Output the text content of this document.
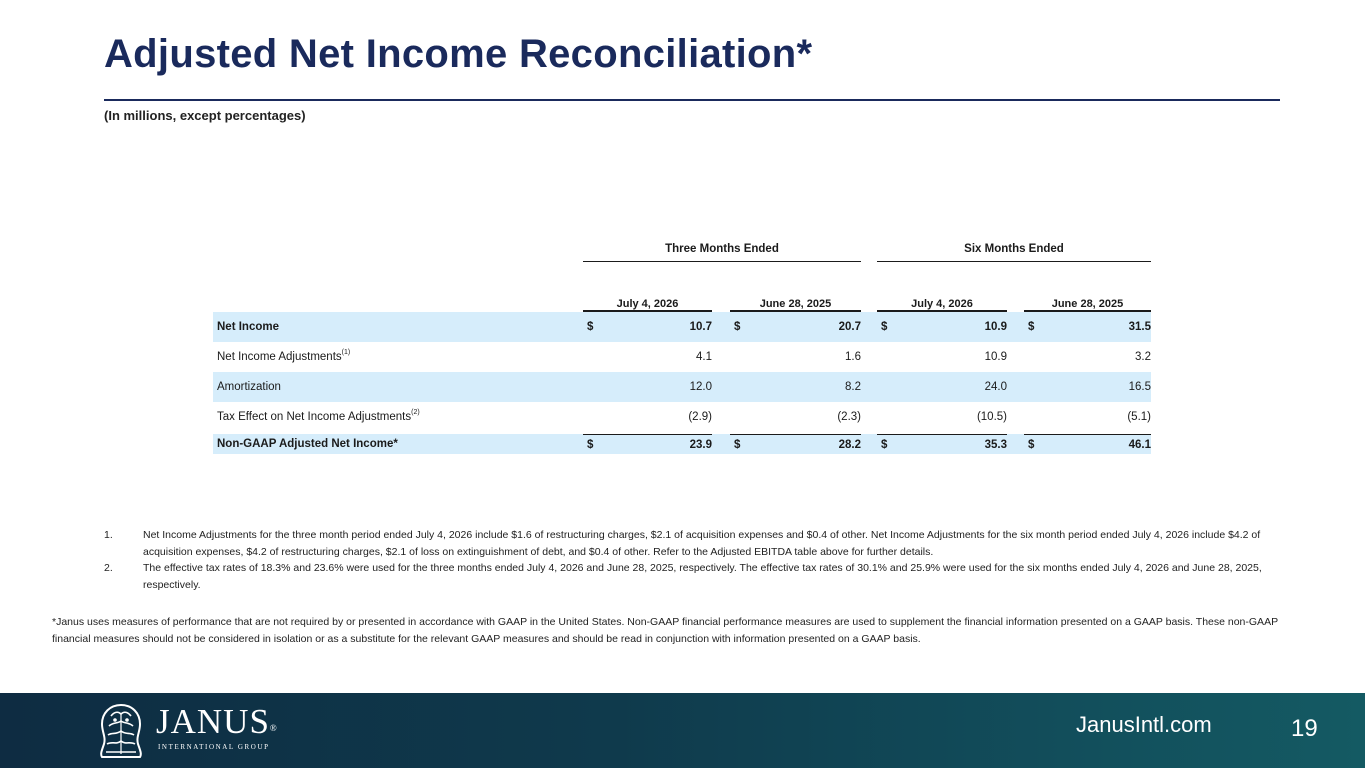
Adjusted Net Income Reconciliation*
(In millions, except percentages)
Three Months Ended	Six Months Ended
July 4, 2026	June 28, 2025	July 4, 2026	June 28, 2025
Net Income	$	10.7 $	20.7 $	10.9 $	31.5
Net Income Adjustments$^{(1)}$	4.1	1.6	10.9	3.2
Amortization	12.0	8.2	24.0	16.5
Tax Effect on Net Income Adjustments$^{(2)}$	(2.9)	(2.3)	(10.5)	(5.1)
Non-GAAP Adjusted Net Income*	$	23.9 $	28.2 $	35.3 $	46.1
1.	Net Income Adjustments for the three month period ended July 4, 2026 include $1.6 of restructuring charges, $2.1 of acquisition expenses and $0.4 of other. Net Income Adjustments for the six month period ended July 4, 2026 include $4.2 of acquisition expenses, $4.2 of restructuring charges, $2.1 of loss on extinguishment of debt, and $0.4 of other. Refer to the Adjusted EBITDA table above for further details.
2.	The effective tax rates of 18.3% and 23.6% were used for the three months ended July 4, 2026 and June 28, 2025, respectively. The effective tax rates of 30.1% and 25.9% were used for the six months ended July 4, 2026 and June 28, 2025, respectively.
*Janus uses measures of performance that are not required by or presented in accordance with GAAP in the United States. Non-GAAP financial performance measures are used to supplement the financial information presented on a GAAP basis. These non-GAAP financial measures should not be considered in isolation or as a substitute for the relevant GAAP measures and should be read in conjunction with information presented on a GAAP basis.
JANUS®
INTERNATIONAL GROUP
JanusIntl.com	19
